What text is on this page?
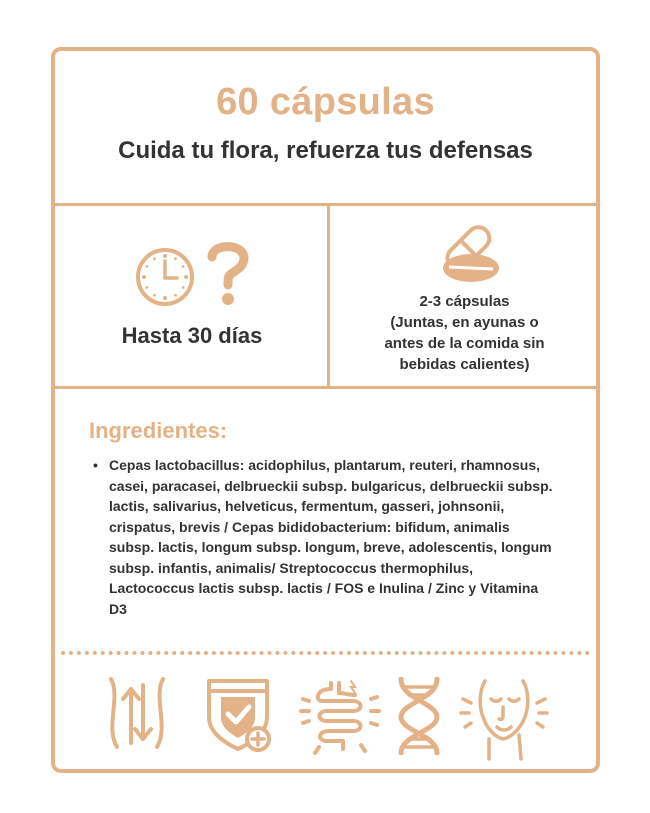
60 cápsulas
Cuida tu flora, refuerza tus defensas
Hasta 30 días
2-3 cápsulas
(Juntas, en ayunas o
antes de la comida sin
bebidas calientes)
Ingredientes:
• Cepas lactobacillus: acidophilus, plantarum, reuteri, rhamnosus, casei, paracasei, delbrueckii subsp. bulgaricus, delbrueckii subsp. lactis, salivarius, helveticus, fermentum, gasseri, johnsonii, crispatus, brevis / Cepas bididobacterium: bifidum, animalis subsp. lactis, longum subsp. longum, breve, adolescentis, longum subsp. infantis, animalis/ Streptococcus thermophilus, Lactococcus lactis subsp. lactis / FOS e Inulina / Zinc y Vitamina D3
